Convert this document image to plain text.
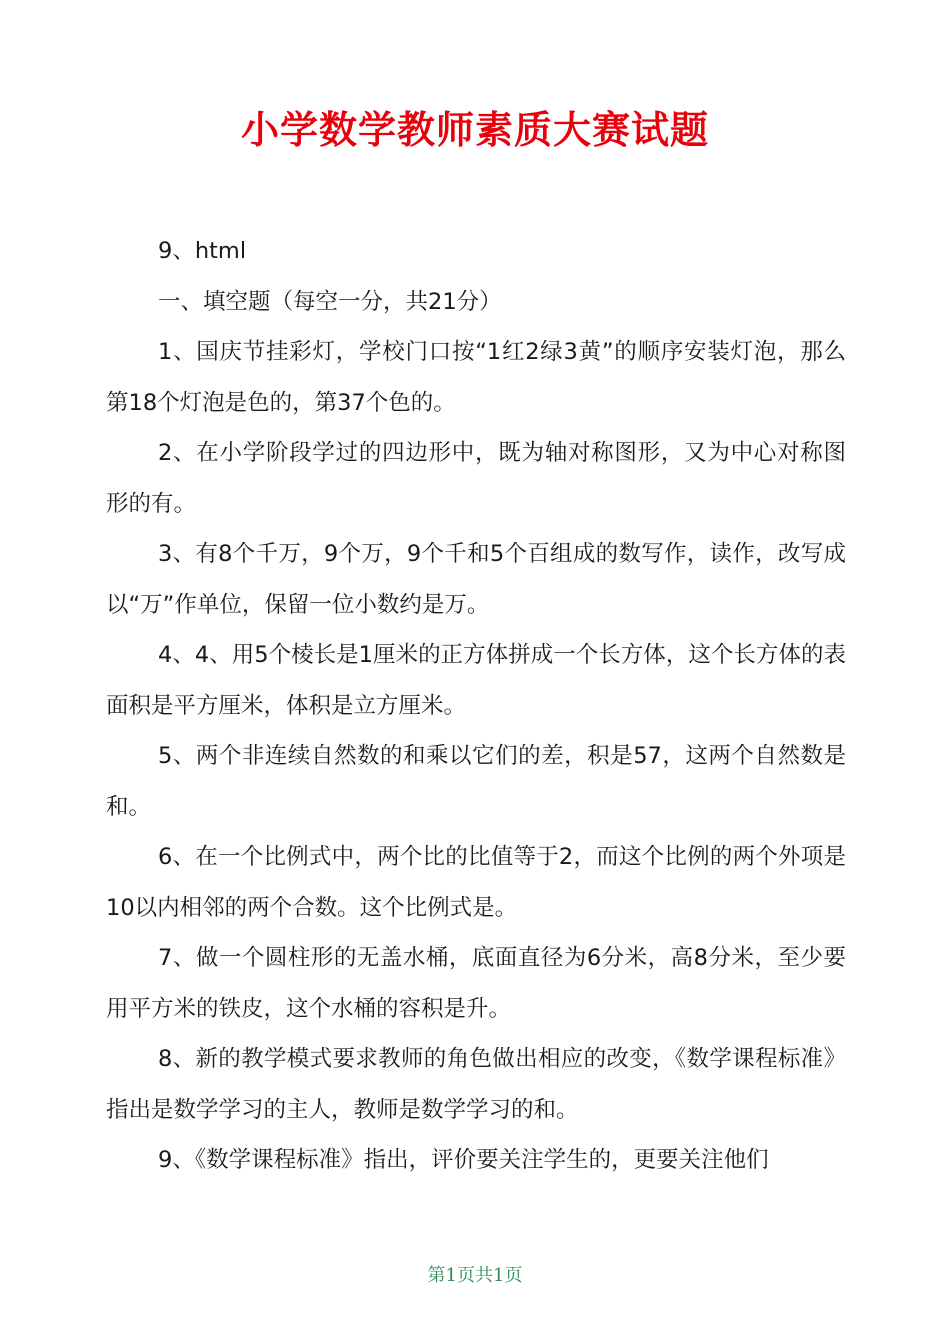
小学数学教师素质大赛试题

9、html

一、填空题（每空一分，共21分）

1、国庆节挂彩灯，学校门口按“1红2绿3黄”的顺序安装灯泡，那么第18个灯泡是色的，第37个色的。

2、在小学阶段学过的四边形中，既为轴对称图形，又为中心对称图形的有。

3、有8个千万，9个万，9个千和5个百组成的数写作，读作，改写成以“万”作单位，保留一位小数约是万。

4、4、用5个棱长是1厘米的正方体拼成一个长方体，这个长方体的表面积是平方厘米，体积是立方厘米。

5、两个非连续自然数的和乘以它们的差，积是57，这两个自然数是和。

6、在一个比例式中，两个比的比值等于2，而这个比例的两个外项是10以内相邻的两个合数。这个比例式是。

7、做一个圆柱形的无盖水桶，底面直径为6分米，高8分米，至少要用平方米的铁皮，这个水桶的容积是升。

8、新的教学模式要求教师的角色做出相应的改变，《数学课程标准》指出是数学学习的主人，教师是数学学习的和。

9、《数学课程标准》指出，评价要关注学生的，更要关注他们

第1页共1页
